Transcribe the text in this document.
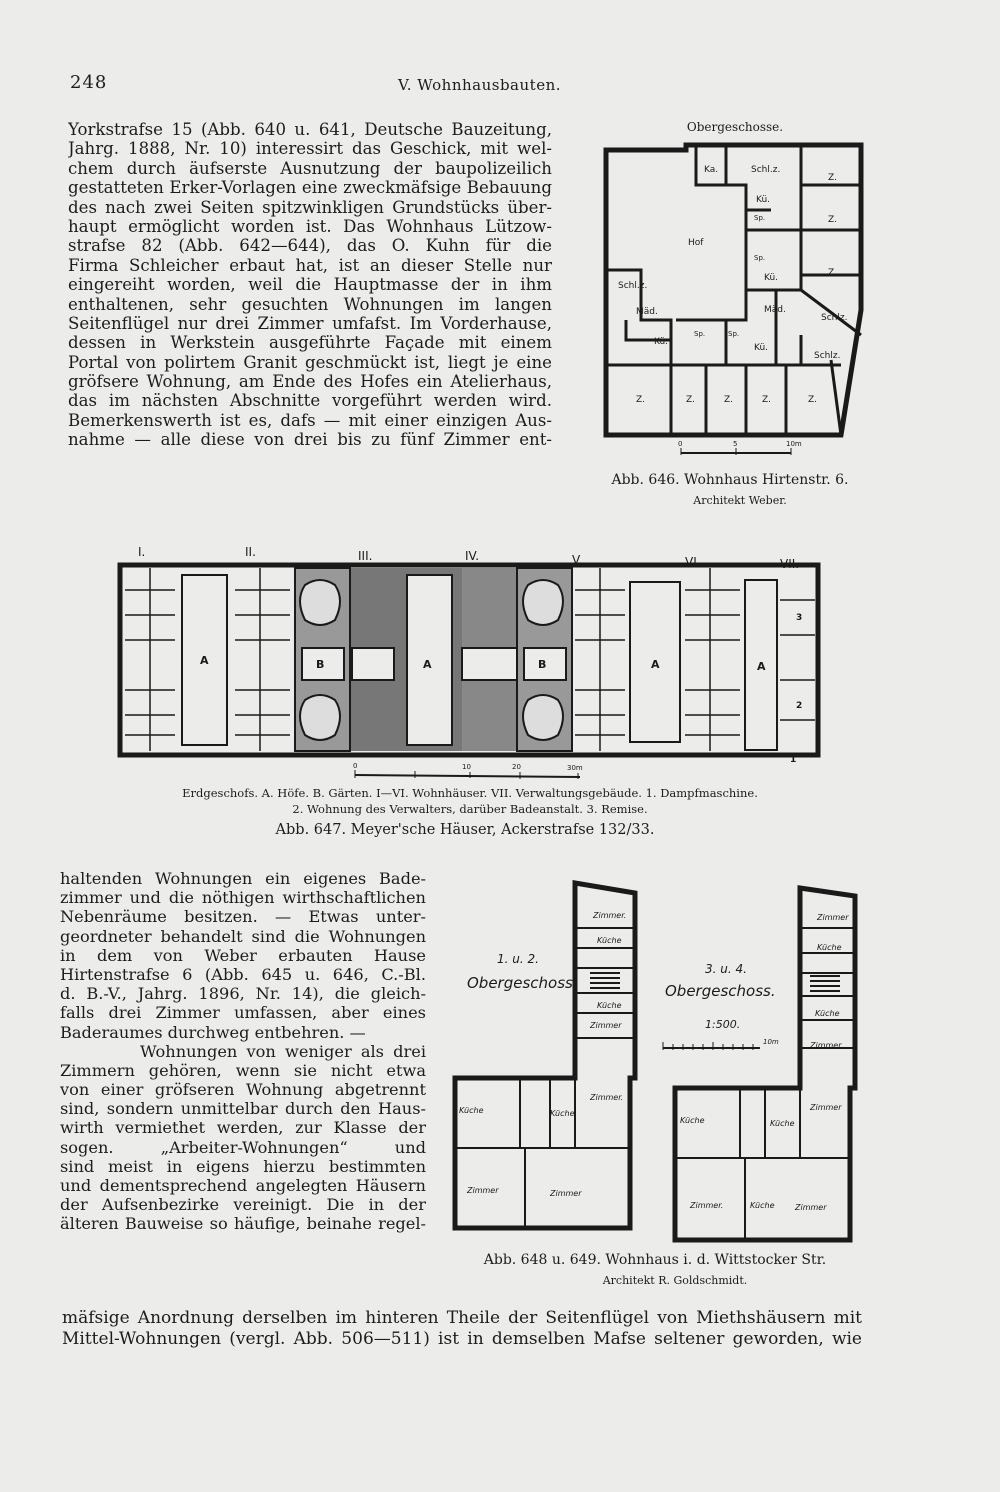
248	V. Wohnhausbauten.
Yorkstrafse 15 (Abb. 640 u. 641, Deutsche Bauzeitung,
Jahrg. 1888, Nr. 10) interessirt das Geschick, mit wel-
chem durch äufserste Ausnutzung der baupolizeilich
gestatteten Erker-Vorlagen eine zweckmäfsige Bebauung
des nach zwei Seiten spitzwinkligen Grundstücks über-
haupt ermöglicht worden ist. Das Wohnhaus Lützow-
strafse 82 (Abb. 642—644), das O. Kuhn für die
Firma Schleicher erbaut hat, ist an dieser Stelle nur
eingereiht worden, weil die Hauptmasse der in ihm
enthaltenen, sehr gesuchten Wohnungen im langen
Seitenflügel nur drei Zimmer umfafst. Im Vorderhause,
dessen in Werkstein ausgeführte Façade mit einem
Portal von polirtem Granit geschmückt ist, liegt je eine
gröfsere Wohnung, am Ende des Hofes ein Atelierhaus,
das im nächsten Abschnitte vorgeführt werden wird.
Bemerkenswerth ist es, dafs — mit einer einzigen Aus-
nahme — alle diese von drei bis zu fünf Zimmer ent-
Obergeschosse.
Ka.	Schl.z.
Z.
Kü.
Sp.	Z.
Hof
Sp.
Kü.	Z.
Schl.z.
Mäd.	Mäd.
Schlz.
Kü.
Sp.	Sp.
Kü.
Schlz.
Z.	Z.	Z.	Z.	Z.
0	5	10m
Abb. 646. Wohnhaus Hirtenstr. 6.
Architekt Weber.
I.	II.	III.	IV.	V.	VI.	VII.
A	B	A	B	A	A
3
2
1
0	10	20	30m
Erdgeschofs. A. Höfe. B. Gärten. I—VI. Wohnhäuser. VII. Verwaltungsgebäude. 1. Dampfmaschine.
2. Wohnung des Verwalters, darüber Badeanstalt. 3. Remise.
Abb. 647. Meyer'sche Häuser, Ackerstrafse 132/33.
haltenden Wohnungen ein eigenes Bade-
zimmer und die nöthigen wirthschaftlichen
Nebenräume besitzen. — Etwas unter-
geordneter behandelt sind die Wohnungen
in dem von Weber erbauten Hause
Hirtenstrafse 6 (Abb. 645 u. 646, C.-Bl.
d. B.-V., Jahrg. 1896, Nr. 14), die gleich-
falls drei Zimmer umfassen, aber eines
Baderaumes durchweg entbehren. —
Wohnungen von weniger als drei
Zimmern gehören, wenn sie nicht etwa
von einer gröfseren Wohnung abgetrennt
sind, sondern unmittelbar durch den Haus-
wirth vermiethet werden, zur Klasse der
sogen. „Arbeiter-Wohnungen“ und
sind meist in eigens hierzu bestimmten
und dementsprechend angelegten Häusern
der Aufsenbezirke vereinigt. Die in der
älteren Bauweise so häufige, beinahe regel-
1. u. 2.
Obergeschoss.
3. u. 4.
Obergeschoss.
1:500.
10m
Zimmer.
Küche
Küche
Zimmer
Zimmer.
Küche	Küche
Zimmer	Zimmer
Zimmer
Küche
Küche
Zimmer
Zimmer
Küche	Küche
Zimmer.	Küche	Zimmer
Abb. 648 u. 649. Wohnhaus i. d. Wittstocker Str.
Architekt R. Goldschmidt.
mäfsige Anordnung derselben im hinteren Theile der Seitenflügel von Miethshäusern mit
Mittel-Wohnungen (vergl. Abb. 506—511) ist in demselben Mafse seltener geworden, wie
